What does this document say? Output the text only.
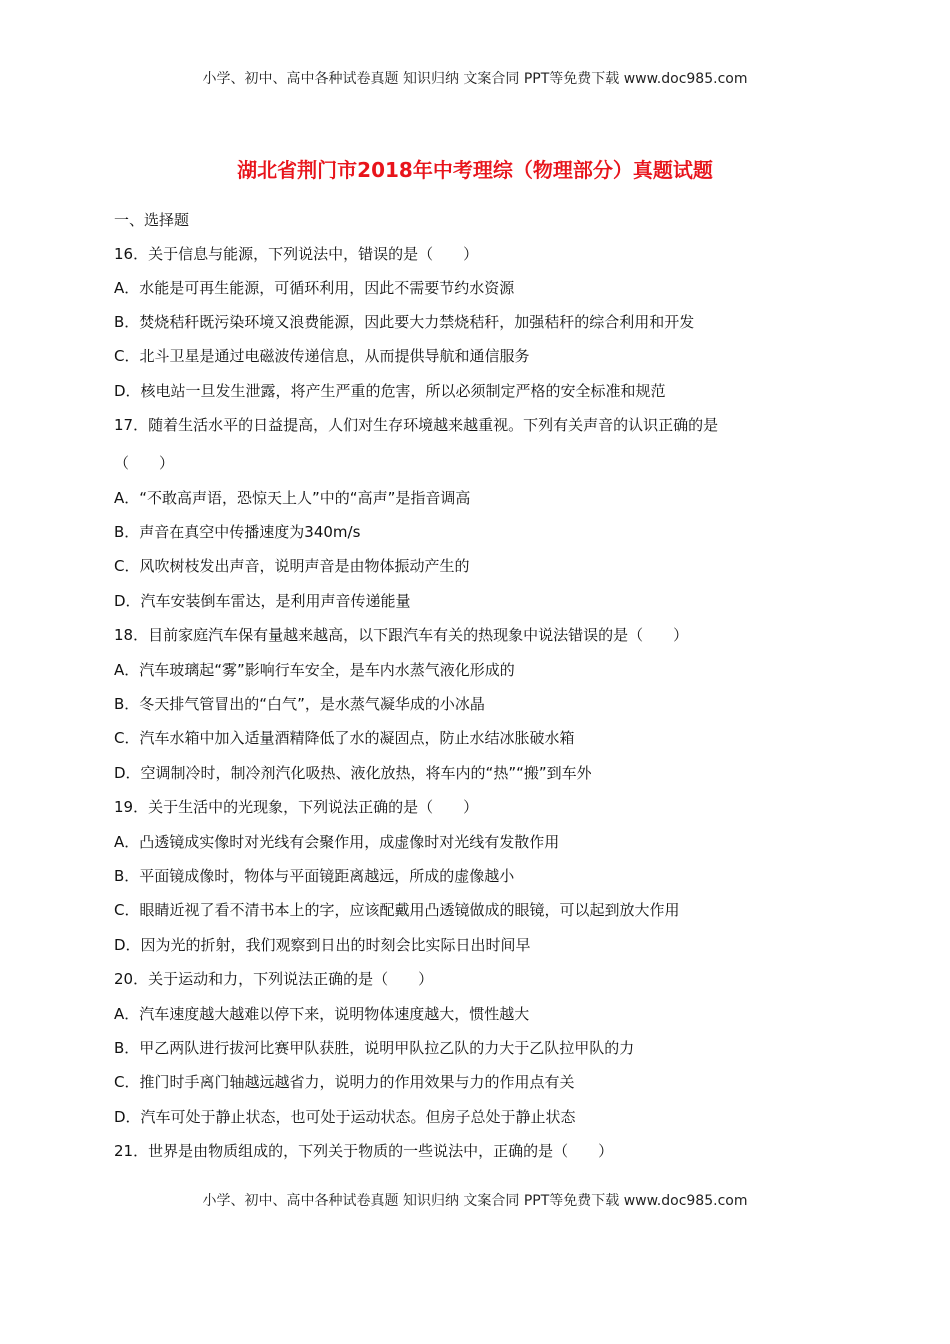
小学、初中、高中各种试卷真题 知识归纳 文案合同 PPT等免费下载 www.doc985.com
湖北省荆门市2018年中考理综（物理部分）真题试题
一、选择题
16．关于信息与能源，下列说法中，错误的是（　　）
A．水能是可再生能源，可循环利用，因此不需要节约水资源
B．焚烧秸秆既污染环境又浪费能源，因此要大力禁烧秸秆，加强秸秆的综合利用和开发
C．北斗卫星是通过电磁波传递信息，从而提供导航和通信服务
D．核电站一旦发生泄露，将产生严重的危害，所以必须制定严格的安全标准和规范
17．随着生活水平的日益提高，人们对生存环境越来越重视。下列有关声音的认识正确的是
（　　）
A．“不敢高声语，恐惊天上人”中的“高声”是指音调高
B．声音在真空中传播速度为340m/s
C．风吹树枝发出声音，说明声音是由物体振动产生的
D．汽车安装倒车雷达，是利用声音传递能量
18．目前家庭汽车保有量越来越高，以下跟汽车有关的热现象中说法错误的是（　　）
A．汽车玻璃起“雾”影响行车安全，是车内水蒸气液化形成的
B．冬天排气管冒出的“白气”，是水蒸气凝华成的小冰晶
C．汽车水箱中加入适量酒精降低了水的凝固点，防止水结冰胀破水箱
D．空调制冷时，制冷剂汽化吸热、液化放热，将车内的“热”“搬”到车外
19．关于生活中的光现象，下列说法正确的是（　　）
A．凸透镜成实像时对光线有会聚作用，成虚像时对光线有发散作用
B．平面镜成像时，物体与平面镜距离越远，所成的虚像越小
C．眼睛近视了看不清书本上的字，应该配戴用凸透镜做成的眼镜，可以起到放大作用
D．因为光的折射，我们观察到日出的时刻会比实际日出时间早
20．关于运动和力，下列说法正确的是（　　）
A．汽车速度越大越难以停下来，说明物体速度越大，惯性越大
B．甲乙两队进行拔河比赛甲队获胜，说明甲队拉乙队的力大于乙队拉甲队的力
C．推门时手离门轴越远越省力，说明力的作用效果与力的作用点有关
D．汽车可处于静止状态，也可处于运动状态。但房子总处于静止状态
21．世界是由物质组成的，下列关于物质的一些说法中，正确的是（　　）
小学、初中、高中各种试卷真题 知识归纳 文案合同 PPT等免费下载 www.doc985.com
